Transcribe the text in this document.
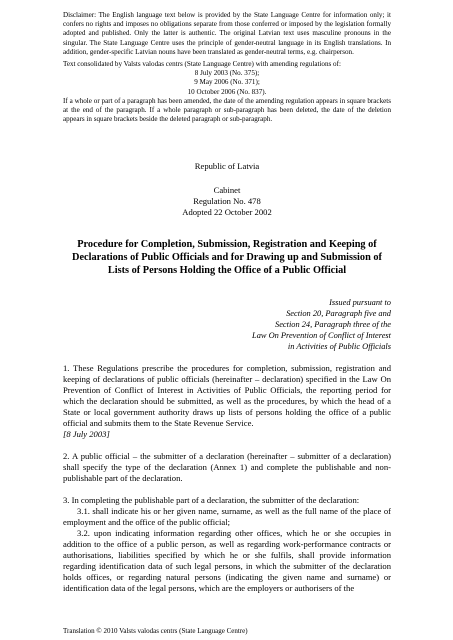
Disclaimer: The English language text below is provided by the State Language Centre for information only; it confers no rights and imposes no obligations separate from those conferred or imposed by the legislation formally adopted and published. Only the latter is authentic. The original Latvian text uses masculine pronouns in the singular. The State Language Centre uses the principle of gender-neutral language in its English translations. In addition, gender-specific Latvian nouns have been translated as gender-neutral terms, e.g. chairperson.
Text consolidated by Valsts valodas centrs (State Language Centre) with amending regulations of:
8 July 2003 (No. 375);
9 May 2006 (No. 371);
10 October 2006 (No. 837).
If a whole or part of a paragraph has been amended, the date of the amending regulation appears in square brackets at the end of the paragraph. If a whole paragraph or sub-paragraph has been deleted, the date of the deletion appears in square brackets beside the deleted paragraph or sub-paragraph.
Republic of Latvia
Cabinet
Regulation No. 478
Adopted 22 October 2002
Procedure for Completion, Submission, Registration and Keeping of Declarations of Public Officials and for Drawing up and Submission of Lists of Persons Holding the Office of a Public Official
Issued pursuant to
Section 20, Paragraph five and
Section 24, Paragraph three of the
Law On Prevention of Conflict of Interest
in Activities of Public Officials
1. These Regulations prescribe the procedures for completion, submission, registration and keeping of declarations of public officials (hereinafter – declaration) specified in the Law On Prevention of Conflict of Interest in Activities of Public Officials, the reporting period for which the declaration should be submitted, as well as the procedures, by which the head of a State or local government authority draws up lists of persons holding the office of a public official and submits them to the State Revenue Service.
[8 July 2003]
2. A public official – the submitter of a declaration (hereinafter – submitter of a declaration) shall specify the type of the declaration (Annex 1) and complete the publishable and non-publishable part of the declaration.
3. In completing the publishable part of a declaration, the submitter of the declaration:
3.1. shall indicate his or her given name, surname, as well as the full name of the place of employment and the office of the public official;
3.2. upon indicating information regarding other offices, which he or she occupies in addition to the office of a public person, as well as regarding work-performance contracts or authorisations, liabilities specified by which he or she fulfils, shall provide information regarding identification data of such legal persons, in which the submitter of the declaration holds offices, or regarding natural persons (indicating the given name and surname) or identification data of the legal persons, which are the employers or authorisers of the
Translation © 2010 Valsts valodas centrs (State Language Centre)
